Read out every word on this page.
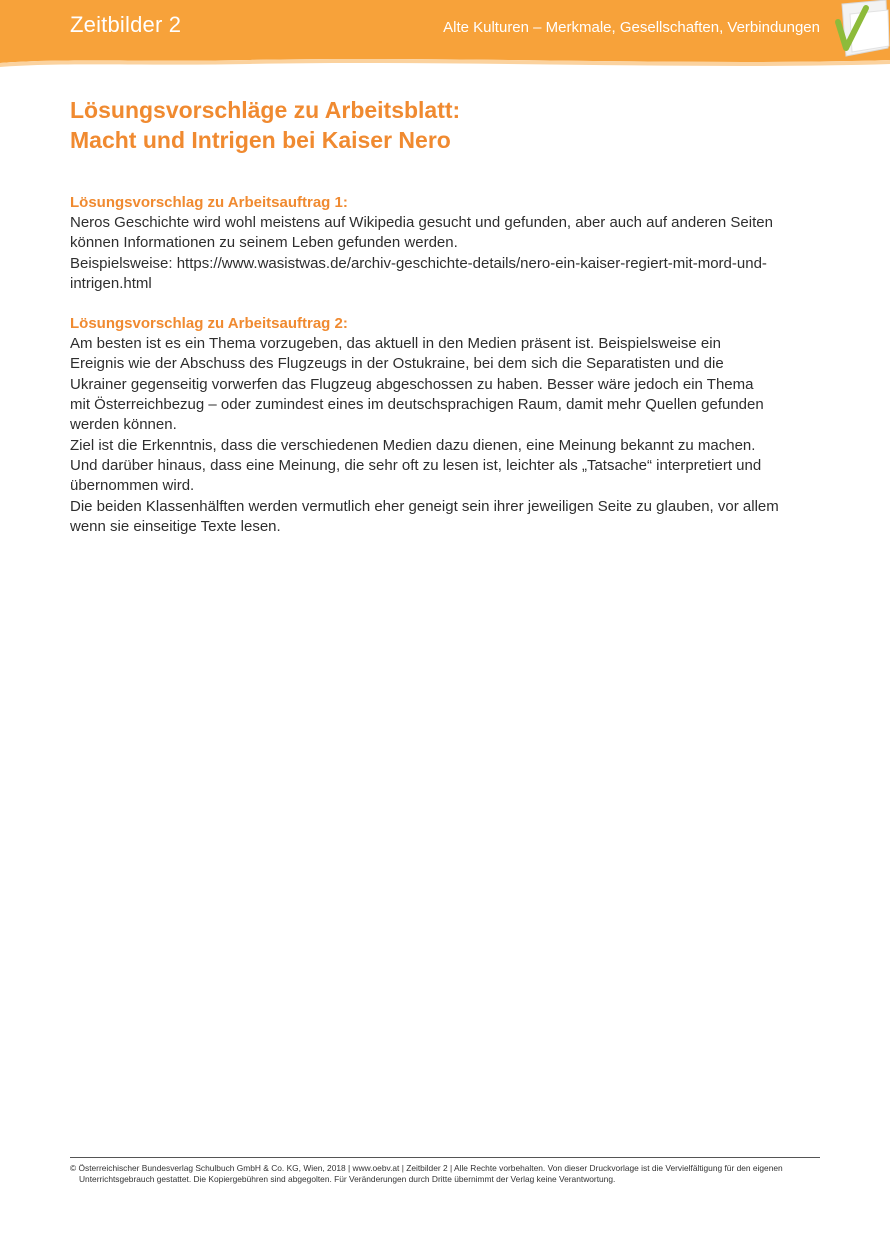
Zeitbilder 2	Alte Kulturen – Merkmale, Gesellschaften, Verbindungen
Lösungsvorschläge zu Arbeitsblatt:
Macht und Intrigen bei Kaiser Nero
Lösungsvorschlag zu Arbeitsauftrag 1:
Neros Geschichte wird wohl meistens auf Wikipedia gesucht und gefunden, aber auch auf anderen Seiten
können Informationen zu seinem Leben gefunden werden.
Beispielsweise: https://www.wasistwas.de/archiv-geschichte-details/nero-ein-kaiser-regiert-mit-mord-und-
intrigen.html
Lösungsvorschlag zu Arbeitsauftrag 2:
Am besten ist es ein Thema vorzugeben, das aktuell in den Medien präsent ist. Beispielsweise ein
Ereignis wie der Abschuss des Flugzeugs in der Ostukraine, bei dem sich die Separatisten und die
Ukrainer gegenseitig vorwerfen das Flugzeug abgeschossen zu haben. Besser wäre jedoch ein Thema
mit Österreichbezug – oder zumindest eines im deutschsprachigen Raum, damit mehr Quellen gefunden
werden können.
Ziel ist die Erkenntnis, dass die verschiedenen Medien dazu dienen, eine Meinung bekannt zu machen.
Und darüber hinaus, dass eine Meinung, die sehr oft zu lesen ist, leichter als „Tatsache“ interpretiert und
übernommen wird.
Die beiden Klassenhälften werden vermutlich eher geneigt sein ihrer jeweiligen Seite zu glauben, vor allem
wenn sie einseitige Texte lesen.
© Österreichischer Bundesverlag Schulbuch GmbH & Co. KG, Wien, 2018 | www.oebv.at | Zeitbilder 2 | Alle Rechte vorbehalten. Von dieser Druckvorlage ist die Vervielfältigung für den eigenen
Unterrichtsgebrauch gestattet. Die Kopiergebühren sind abgegolten. Für Veränderungen durch Dritte übernimmt der Verlag keine Verantwortung.
